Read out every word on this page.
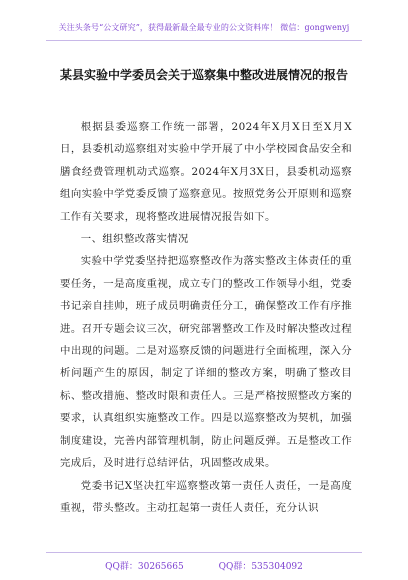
关注头条号“公文研究”，获得最新最全最专业的公文资料库！ 微信：gongwenyj
某县实验中学委员会关于巡察集中整改进展情况的报告

根据县委巡察工作统一部署，2024年X月X日至X月X日，县委机动巡察组对实验中学开展了中小学校园食品安全和膳食经费管理机动式巡察。2024年X月3X日，县委机动巡察组向实验中学党委反馈了巡察意见。按照党务公开原则和巡察工作有关要求，现将整改进展情况报告如下。

一、组织整改落实情况

实验中学党委坚持把巡察整改作为落实整改主体责任的重要任务，一是高度重视，成立专门的整改工作领导小组，党委书记亲自挂帅，班子成员明确责任分工，确保整改工作有序推进。召开专题会议三次，研究部署整改工作及时解决整改过程中出现的问题。二是对巡察反馈的问题进行全面梳理，深入分析问题产生的原因，制定了详细的整改方案，明确了整改目标、整改措施、整改时限和责任人。三是严格按照整改方案的要求，认真组织实施整改工作。四是以巡察整改为契机，加强制度建设，完善内部管理机制，防止问题反弹。五是整改工作完成后，及时进行总结评估，巩固整改成果。

党委书记X坚决扛牢巡察整改第一责任人责任，一是高度重视，带头整改。主动扛起第一责任人责任，充分认识

QQ群：30265665	QQ群：535304092
